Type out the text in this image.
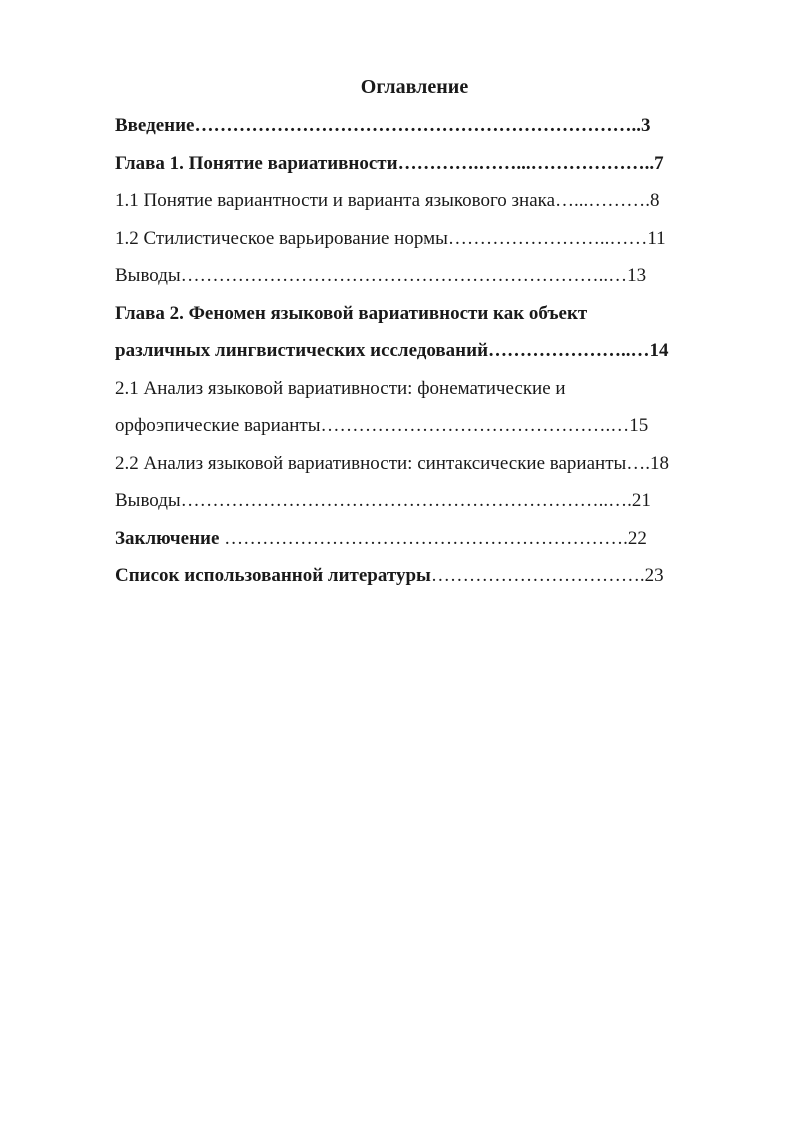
Оглавление
Введение……………………………………………………………..3
Глава 1. Понятие вариативности………….……...………………..7
1.1 Понятие вариантности и варианта языкового знака…...……….8
1.2 Стилистическое варьирование нормы……………………..……11
Выводы…………………………………………………………..…13
Глава 2. Феномен языковой вариативности как объект
различных лингвистических исследований…………………..…14
2.1 Анализ языковой вариативности: фонематические и
орфоэпические варианты……………………………………….…15
2.2 Анализ языковой вариативности: синтаксические варианты….18
Выводы…………………………………………………………..….21
Заключение ……………………………………………………….22
Список использованной литературы…………………………….23
